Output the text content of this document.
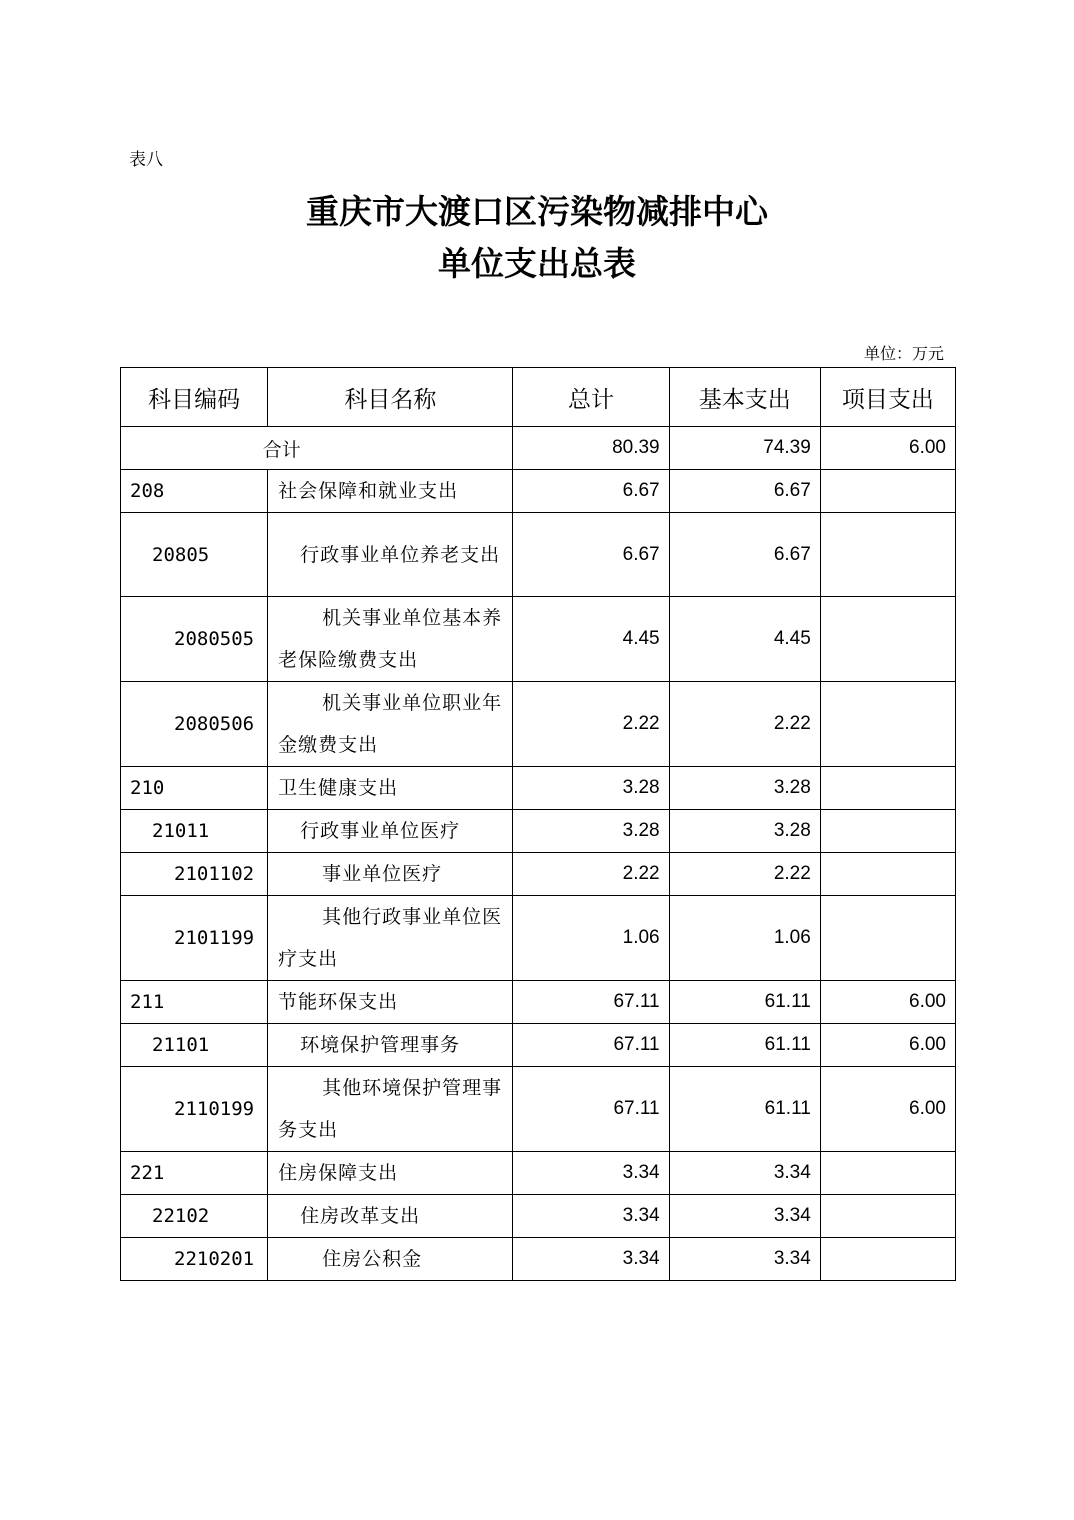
表八
重庆市大渡口区污染物减排中心
单位支出总表
单位：万元
科目编码	科目名称	总计	基本支出	项目支出
合计		80.39	74.39	6.00
208	社会保障和就业支出	6.67	6.67	
20805	行政事业单位养老支出	6.67	6.67	
2080505	机关事业单位基本养老保险缴费支出	4.45	4.45	
2080506	机关事业单位职业年金缴费支出	2.22	2.22	
210	卫生健康支出	3.28	3.28	
21011	行政事业单位医疗	3.28	3.28	
2101102	事业单位医疗	2.22	2.22	
2101199	其他行政事业单位医疗支出	1.06	1.06	
211	节能环保支出	67.11	61.11	6.00
21101	环境保护管理事务	67.11	61.11	6.00
2110199	其他环境保护管理事务支出	67.11	61.11	6.00
221	住房保障支出	3.34	3.34	
22102	住房改革支出	3.34	3.34	
2210201	住房公积金	3.34	3.34	
